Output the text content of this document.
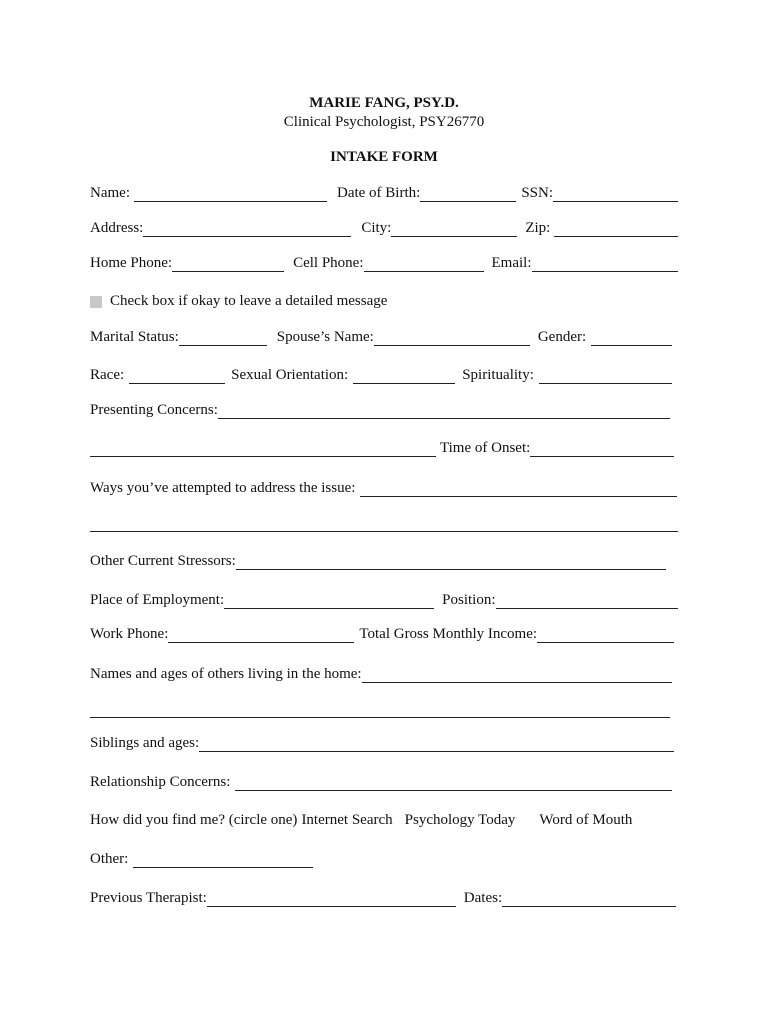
MARIE FANG, PSY.D.
Clinical Psychologist, PSY26770
INTAKE FORM
Name:	Date of Birth:	SSN:
Address:	City:	Zip:
Home Phone:	Cell Phone:	Email:
Check box if okay to leave a detailed message
Marital Status:	Spouse’s Name:	Gender:
Race:	Sexual Orientation:	Spirituality:
Presenting Concerns:
Time of Onset:
Ways you’ve attempted to address the issue:
Other Current Stressors:
Place of Employment:	Position:
Work Phone:	Total Gross Monthly Income:
Names and ages of others living in the home:
Siblings and ages:
Relationship Concerns:
How did you find me? (circle one) Internet Search Psychology Today Word of Mouth
Other:
Previous Therapist:	Dates:
